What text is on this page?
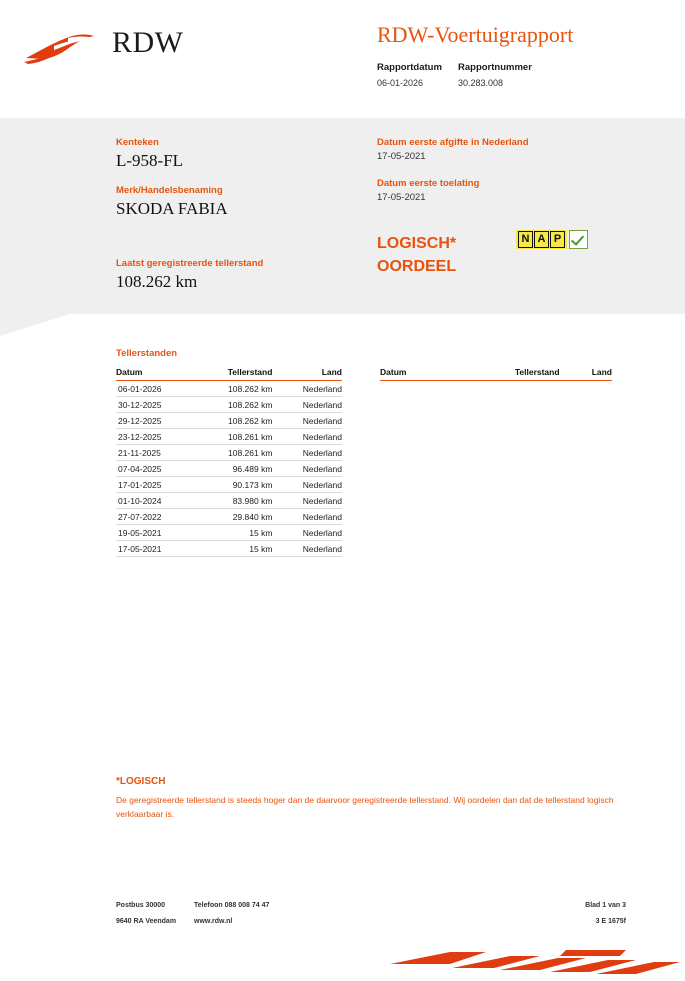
RDW	RDW-Voertuigrapport
Rapportdatum	Rapportnummer
06-01-2026	30.283.008
Kenteken
L-958-FL
Merk/Handelsbenaming
SKODA FABIA
Laatst geregistreerde tellerstand
108.262 km
Datum eerste afgifte in Nederland
17-05-2021
Datum eerste toelating
17-05-2021
LOGISCH*
OORDEEL
N A P
Tellerstanden
Datum	Tellerstand	Land
06-01-2026	108.262 km	Nederland
30-12-2025	108.262 km	Nederland
29-12-2025	108.262 km	Nederland
23-12-2025	108.261 km	Nederland
21-11-2025	108.261 km	Nederland
07-04-2025	96.489 km	Nederland
17-01-2025	90.173 km	Nederland
01-10-2024	83.980 km	Nederland
27-07-2022	29.840 km	Nederland
19-05-2021	15 km	Nederland
17-05-2021	15 km	Nederland
Datum	Tellerstand	Land
*LOGISCH
De geregistreerde tellerstand is steeds hoger dan de daarvoor geregistreerde tellerstand. Wij oordelen dan dat de tellerstand logisch verklaarbaar is.
Postbus 30000	Telefoon 088 008 74 47	Blad 1 van 3
9640 RA Veendam	www.rdw.nl	3 E 1675f
